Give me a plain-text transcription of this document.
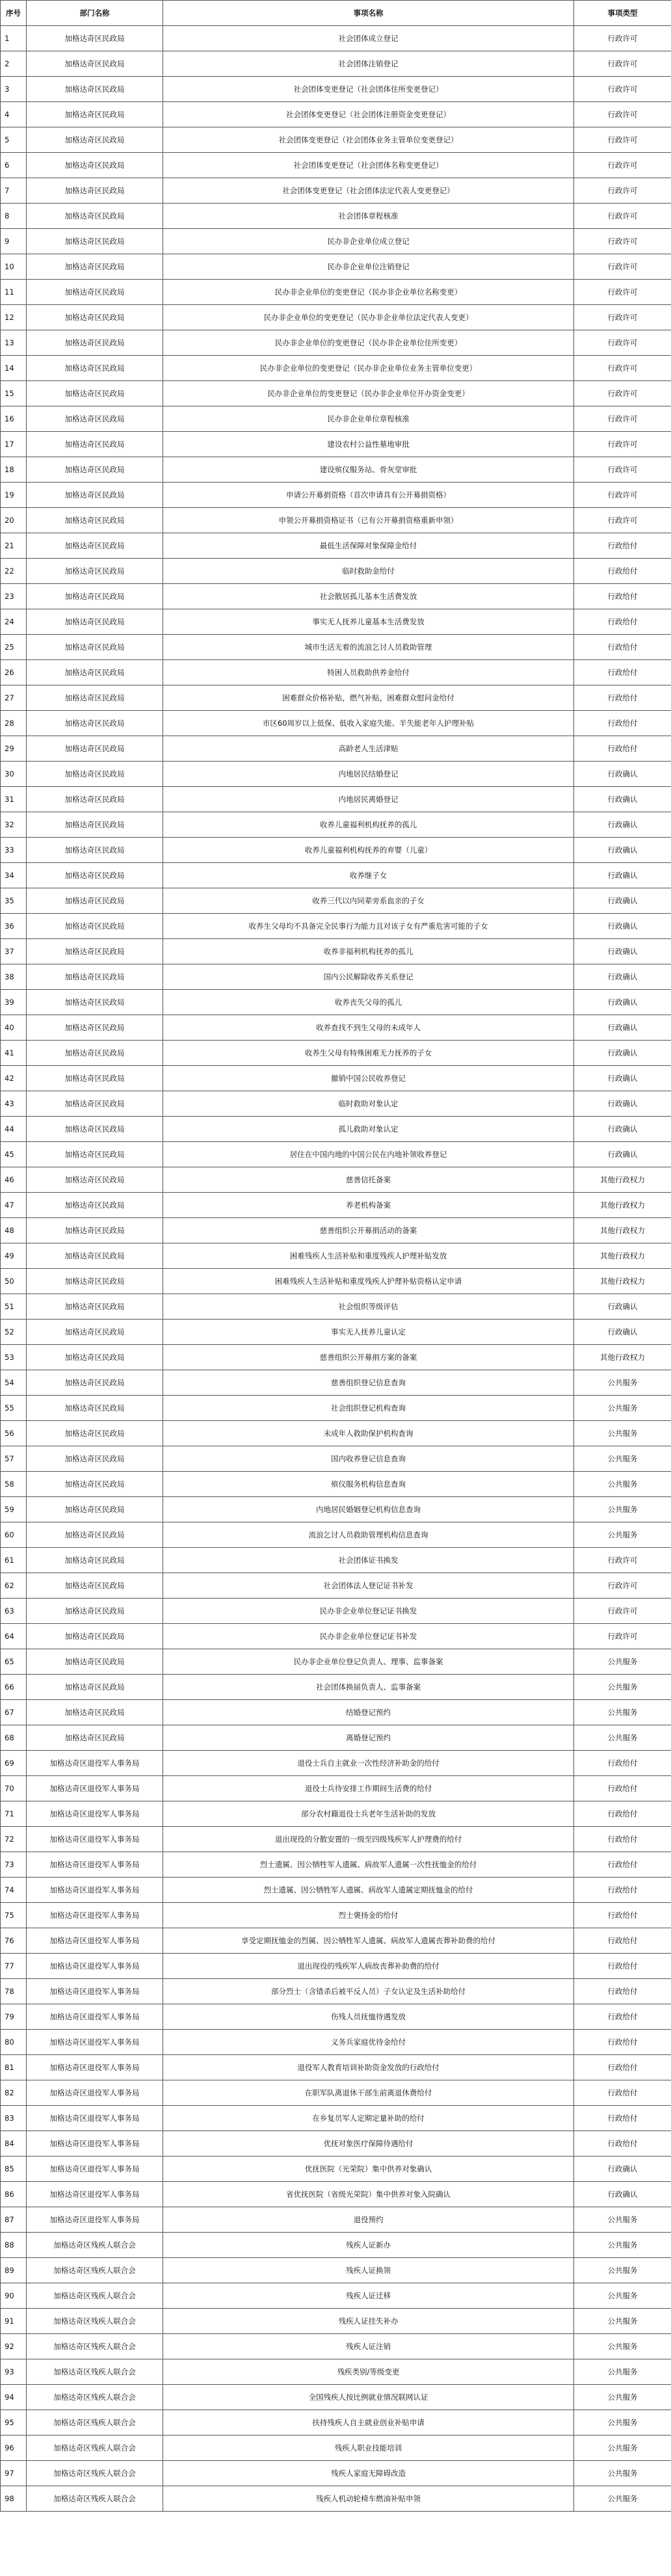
序号	部门名称	事项名称	事项类型
1	加格达奇区民政局	社会团体成立登记	行政许可
2	加格达奇区民政局	社会团体注销登记	行政许可
3	加格达奇区民政局	社会团体变更登记（社会团体住所变更登记）	行政许可
4	加格达奇区民政局	社会团体变更登记（社会团体注册资金变更登记）	行政许可
5	加格达奇区民政局	社会团体变更登记（社会团体业务主管单位变更登记）	行政许可
6	加格达奇区民政局	社会团体变更登记（社会团体名称变更登记）	行政许可
7	加格达奇区民政局	社会团体变更登记（社会团体法定代表人变更登记）	行政许可
8	加格达奇区民政局	社会团体章程核准	行政许可
9	加格达奇区民政局	民办非企业单位成立登记	行政许可
10	加格达奇区民政局	民办非企业单位注销登记	行政许可
11	加格达奇区民政局	民办非企业单位的变更登记（民办非企业单位名称变更）	行政许可
12	加格达奇区民政局	民办非企业单位的变更登记（民办非企业单位法定代表人变更）	行政许可
13	加格达奇区民政局	民办非企业单位的变更登记（民办非企业单位住所变更）	行政许可
14	加格达奇区民政局	民办非企业单位的变更登记（民办非企业单位业务主管单位变更）	行政许可
15	加格达奇区民政局	民办非企业单位的变更登记（民办非企业单位开办资金变更）	行政许可
16	加格达奇区民政局	民办非企业单位章程核准	行政许可
17	加格达奇区民政局	建设农村公益性墓地审批	行政许可
18	加格达奇区民政局	建设殡仪服务站、骨灰堂审批	行政许可
19	加格达奇区民政局	申请公开募捐资格（首次申请具有公开募捐资格）	行政许可
20	加格达奇区民政局	申领公开募捐资格证书（已有公开募捐资格重新申领）	行政许可
21	加格达奇区民政局	最低生活保障对象保障金给付	行政给付
22	加格达奇区民政局	临时救助金给付	行政给付
23	加格达奇区民政局	社会散居孤儿基本生活费发放	行政给付
24	加格达奇区民政局	事实无人抚养儿童基本生活费发放	行政给付
25	加格达奇区民政局	城市生活无着的流浪乞讨人员救助管理	行政给付
26	加格达奇区民政局	特困人员救助供养金给付	行政给付
27	加格达奇区民政局	困难群众价格补贴，燃气补贴，困难群众慰问金给付	行政给付
28	加格达奇区民政局	市区60周岁以上低保、低收入家庭失能、半失能老年人护理补贴	行政给付
29	加格达奇区民政局	高龄老人生活津贴	行政给付
30	加格达奇区民政局	内地居民结婚登记	行政确认
31	加格达奇区民政局	内地居民离婚登记	行政确认
32	加格达奇区民政局	收养儿童福利机构抚养的孤儿	行政确认
33	加格达奇区民政局	收养儿童福利机构抚养的弃婴（儿童）	行政确认
34	加格达奇区民政局	收养继子女	行政确认
35	加格达奇区民政局	收养三代以内同辈旁系血亲的子女	行政确认
36	加格达奇区民政局	收养生父母均不具备完全民事行为能力且对该子女有严重危害可能的子女	行政确认
37	加格达奇区民政局	收养非福利机构抚养的孤儿	行政确认
38	加格达奇区民政局	国内公民解除收养关系登记	行政确认
39	加格达奇区民政局	收养丧失父母的孤儿	行政确认
40	加格达奇区民政局	收养查找不到生父母的未成年人	行政确认
41	加格达奇区民政局	收养生父母有特殊困难无力抚养的子女	行政确认
42	加格达奇区民政局	撤销中国公民收养登记	行政确认
43	加格达奇区民政局	临时救助对象认定	行政确认
44	加格达奇区民政局	孤儿救助对象认定	行政确认
45	加格达奇区民政局	居住在中国内地的中国公民在内地补领收养登记	行政确认
46	加格达奇区民政局	慈善信托备案	其他行政权力
47	加格达奇区民政局	养老机构备案	其他行政权力
48	加格达奇区民政局	慈善组织公开募捐活动的备案	其他行政权力
49	加格达奇区民政局	困难残疾人生活补贴和重度残疾人护理补贴发放	其他行政权力
50	加格达奇区民政局	困难残疾人生活补贴和重度残疾人护理补贴资格认定申请	其他行政权力
51	加格达奇区民政局	社会组织等级评估	行政确认
52	加格达奇区民政局	事实无人抚养儿童认定	行政确认
53	加格达奇区民政局	慈善组织公开募捐方案的备案	其他行政权力
54	加格达奇区民政局	慈善组织登记信息查询	公共服务
55	加格达奇区民政局	社会组织登记机构查询	公共服务
56	加格达奇区民政局	未成年人救助保护机构查询	公共服务
57	加格达奇区民政局	国内收养登记信息查询	公共服务
58	加格达奇区民政局	殡仪服务机构信息查询	公共服务
59	加格达奇区民政局	内地居民婚姻登记机构信息查询	公共服务
60	加格达奇区民政局	流浪乞讨人员救助管理机构信息查询	公共服务
61	加格达奇区民政局	社会团体证书换发	行政许可
62	加格达奇区民政局	社会团体法人登记证书补发	行政许可
63	加格达奇区民政局	民办非企业单位登记证书换发	行政许可
64	加格达奇区民政局	民办非企业单位登记证书补发	行政许可
65	加格达奇区民政局	民办非企业单位登记负责人、理事、监事备案	公共服务
66	加格达奇区民政局	社会团体换届负责人、监事备案	公共服务
67	加格达奇区民政局	结婚登记预约	公共服务
68	加格达奇区民政局	离婚登记预约	公共服务
69	加格达奇区退役军人事务局	退役士兵自主就业一次性经济补助金的给付	行政给付
70	加格达奇区退役军人事务局	退役士兵待安排工作期间生活费的给付	行政给付
71	加格达奇区退役军人事务局	部分农村籍退役士兵老年生活补助的发放	行政给付
72	加格达奇区退役军人事务局	退出现役的分散安置的一级至四级残疾军人护理费的给付	行政给付
73	加格达奇区退役军人事务局	烈士遗属、因公牺牲军人遗属、病故军人遗属一次性抚恤金的给付	行政给付
74	加格达奇区退役军人事务局	烈士遗属、因公牺牲军人遗属、病故军人遗属定期抚恤金的给付	行政给付
75	加格达奇区退役军人事务局	烈士褒扬金的给付	行政给付
76	加格达奇区退役军人事务局	享受定期抚恤金的烈属、因公牺牲军人遗属、病故军人遗属丧葬补助费的给付	行政给付
77	加格达奇区退役军人事务局	退出现役的残疾军人病故丧葬补助费的给付	行政给付
78	加格达奇区退役军人事务局	部分烈士（含错杀后被平反人员）子女认定及生活补助给付	行政给付
79	加格达奇区退役军人事务局	伤残人员抚恤待遇发放	行政给付
80	加格达奇区退役军人事务局	义务兵家庭优待金给付	行政给付
81	加格达奇区退役军人事务局	退役军人教育培训补助资金发放的行政给付	行政给付
82	加格达奇区退役军人事务局	在职军队离退休干部生前离退休费给付	行政给付
83	加格达奇区退役军人事务局	在乡复员军人定期定量补助的给付	行政给付
84	加格达奇区退役军人事务局	优抚对象医疗保障待遇给付	行政给付
85	加格达奇区退役军人事务局	优抚医院（光荣院）集中供养对象确认	行政确认
86	加格达奇区退役军人事务局	省优抚医院（省级光荣院）集中供养对象入院确认	行政确认
87	加格达奇区退役军人事务局	退役预约	公共服务
88	加格达奇区残疾人联合会	残疾人证新办	公共服务
89	加格达奇区残疾人联合会	残疾人证换领	公共服务
90	加格达奇区残疾人联合会	残疾人证迁移	公共服务
91	加格达奇区残疾人联合会	残疾人证挂失补办	公共服务
92	加格达奇区残疾人联合会	残疾人证注销	公共服务
93	加格达奇区残疾人联合会	残疾类别/等级变更	公共服务
94	加格达奇区残疾人联合会	全国残疾人按比例就业情况联网认证	公共服务
95	加格达奇区残疾人联合会	扶持残疾人自主就业创业补贴申请	公共服务
96	加格达奇区残疾人联合会	残疾人职业技能培训	公共服务
97	加格达奇区残疾人联合会	残疾人家庭无障碍改造	公共服务
98	加格达奇区残疾人联合会	残疾人机动轮椅车燃油补贴申领	公共服务
